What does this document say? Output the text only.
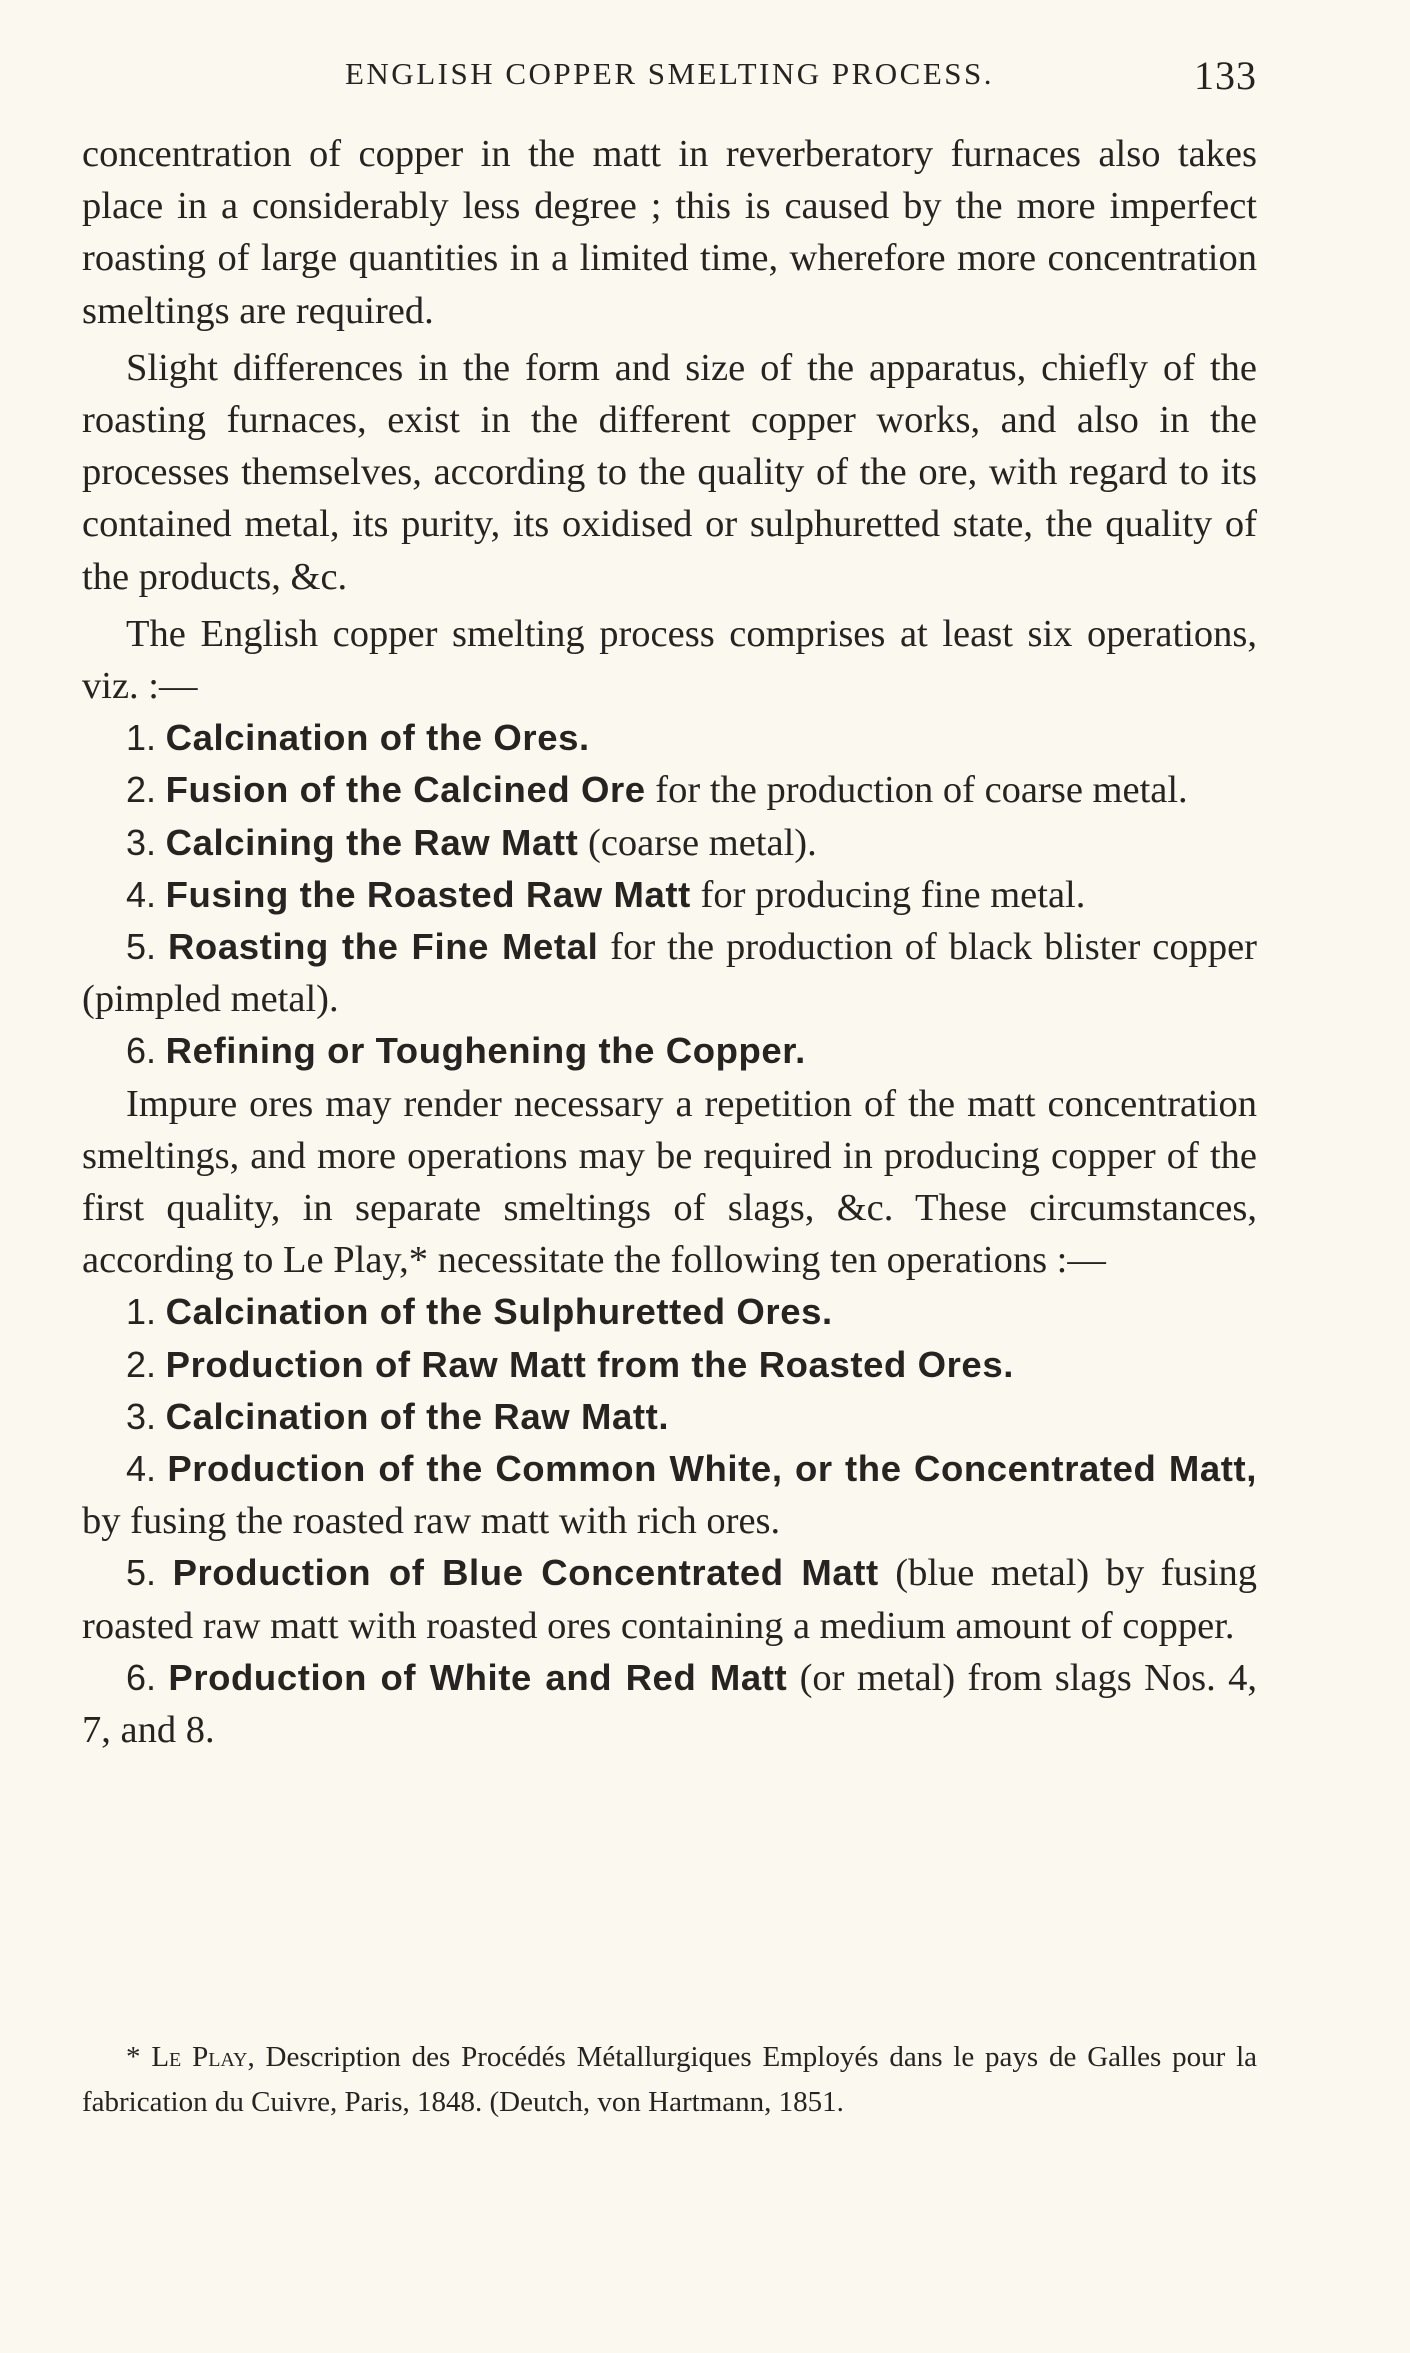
ENGLISH COPPER SMELTING PROCESS.	133

concentration of copper in the matt in reverberatory furnaces also takes place in a considerably less degree ; this is caused by the more imperfect roasting of large quantities in a limited time, wherefore more concentration smeltings are required.

Slight differences in the form and size of the apparatus, chiefly of the roasting furnaces, exist in the different copper works, and also in the processes themselves, according to the quality of the ore, with regard to its contained metal, its purity, its oxidised or sulphuretted state, the quality of the products, &c.

The English copper smelting process comprises at least six operations, viz. :—

1. Calcination of the Ores.

2. Fusion of the Calcined Ore for the production of coarse metal.

3. Calcining the Raw Matt (coarse metal).

4. Fusing the Roasted Raw Matt for producing fine metal.

5. Roasting the Fine Metal for the production of black blister copper (pimpled metal).

6. Refining or Toughening the Copper.

Impure ores may render necessary a repetition of the matt concentration smeltings, and more operations may be required in producing copper of the first quality, in separate smeltings of slags, &c. These circumstances, according to Le Play,* necessitate the following ten operations :—

1. Calcination of the Sulphuretted Ores.

2. Production of Raw Matt from the Roasted Ores.

3. Calcination of the Raw Matt.

4. Production of the Common White, or the Concentrated Matt, by fusing the roasted raw matt with rich ores.

5. Production of Blue Concentrated Matt (blue metal) by fusing roasted raw matt with roasted ores containing a medium amount of copper.

6. Production of White and Red Matt (or metal) from slags Nos. 4, 7, and 8.

* Le Play, Description des Procédés Métallurgiques Employés dans le pays de Galles pour la fabrication du Cuivre, Paris, 1848. (Deutch, von Hartmann, 1851.
